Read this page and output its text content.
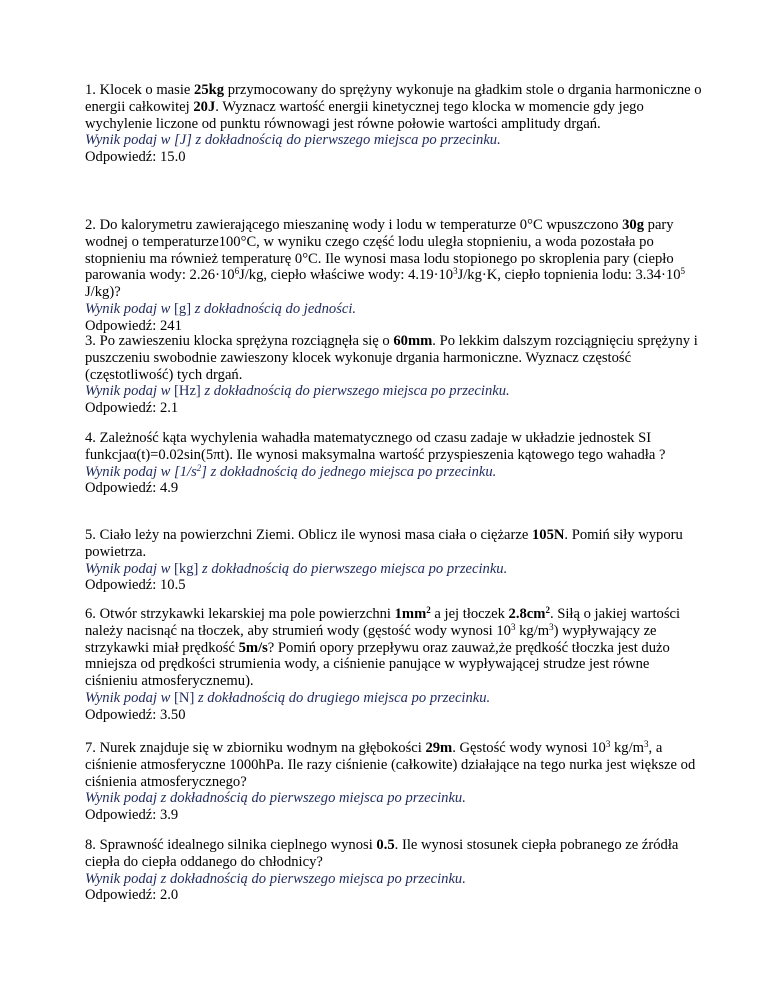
1. Klocek o masie 25kg przymocowany do sprężyny wykonuje na gładkim stole o drgania harmoniczne o energii całkowitej 20J. Wyznacz wartość energii kinetycznej tego klocka w momencie gdy jego wychylenie liczone od punktu równowagi jest równe połowie wartości amplitudy drgań.

Wynik podaj w [J] z dokładnością do pierwszego miejsca po przecinku.

Odpowiedź: 15.0

2. Do kalorymetru zawierającego mieszaninę wody i lodu w temperaturze 0°C wpuszczono 30g pary wodnej o temperaturze100°C, w wyniku czego część lodu uległa stopnieniu, a woda pozostała po stopnieniu ma również temperaturę 0°C. Ile wynosi masa lodu stopionego po skroplenia pary (ciepło parowania wody: $2.26\cdot 10^6J/kg$, ciepło właściwe wody: $4.19\cdot 10^3J/kg\cdot K$, ciepło topnienia lodu: $3.34\cdot 10^5$ J/kg)?

Wynik podaj w [g] z dokładnością do jedności.

Odpowiedź: 241

3. Po zawieszeniu klocka sprężyna rozciągnęła się o 60mm. Po lekkim dalszym rozciągnięciu sprężyny i puszczeniu swobodnie zawieszony klocek wykonuje drgania harmoniczne. Wyznacz częstość (częstotliwość) tych drgań.

Wynik podaj w [Hz] z dokładnością do pierwszego miejsca po przecinku.

Odpowiedź: 2.1

4. Zależność kąta wychylenia wahadła matematycznego od czasu zadaje w układzie jednostek SI funkcjaα(t)=0.02sin(5πt). Ile wynosi maksymalna wartość przyspieszenia kątowego tego wahadła ?

Wynik podaj w $[1/s^2]$ z dokładnością do jednego miejsca po przecinku.

Odpowiedź: 4.9

5. Ciało leży na powierzchni Ziemi. Oblicz ile wynosi masa ciała o ciężarze 105N. Pomiń siły wyporu powietrza.

Wynik podaj w [kg] z dokładnością do pierwszego miejsca po przecinku.

Odpowiedź: 10.5

6. Otwór strzykawki lekarskiej ma pole powierzchni $1mm^2$ a jej tłoczek $2.8cm^2$. Siłą o jakiej wartości należy nacisnąć na tłoczek, aby strumień wody (gęstość wody wynosi $10^3$ $kg/m^3$) wypływający ze strzykawki miał prędkość 5m/s? Pomiń opory przepływu oraz zauważ,że prędkość tłoczka jest dużo mniejsza od prędkości strumienia wody, a ciśnienie panujące w wypływającej strudze jest równe ciśnieniu atmosferycznemu).

Wynik podaj w [N] z dokładnością do drugiego miejsca po przecinku.

Odpowiedź: 3.50

7. Nurek znajduje się w zbiorniku wodnym na głębokości 29m. Gęstość wody wynosi $10^3$ $kg/m^3$, a ciśnienie atmosferyczne 1000hPa. Ile razy ciśnienie (całkowite) działające na tego nurka jest większe od ciśnienia atmosferycznego?

Wynik podaj z dokładnością do pierwszego miejsca po przecinku.

Odpowiedź: 3.9

8. Sprawność idealnego silnika cieplnego wynosi 0.5. Ile wynosi stosunek ciepła pobranego ze źródła ciepła do ciepła oddanego do chłodnicy?

Wynik podaj z dokładnością do pierwszego miejsca po przecinku.

Odpowiedź: 2.0
